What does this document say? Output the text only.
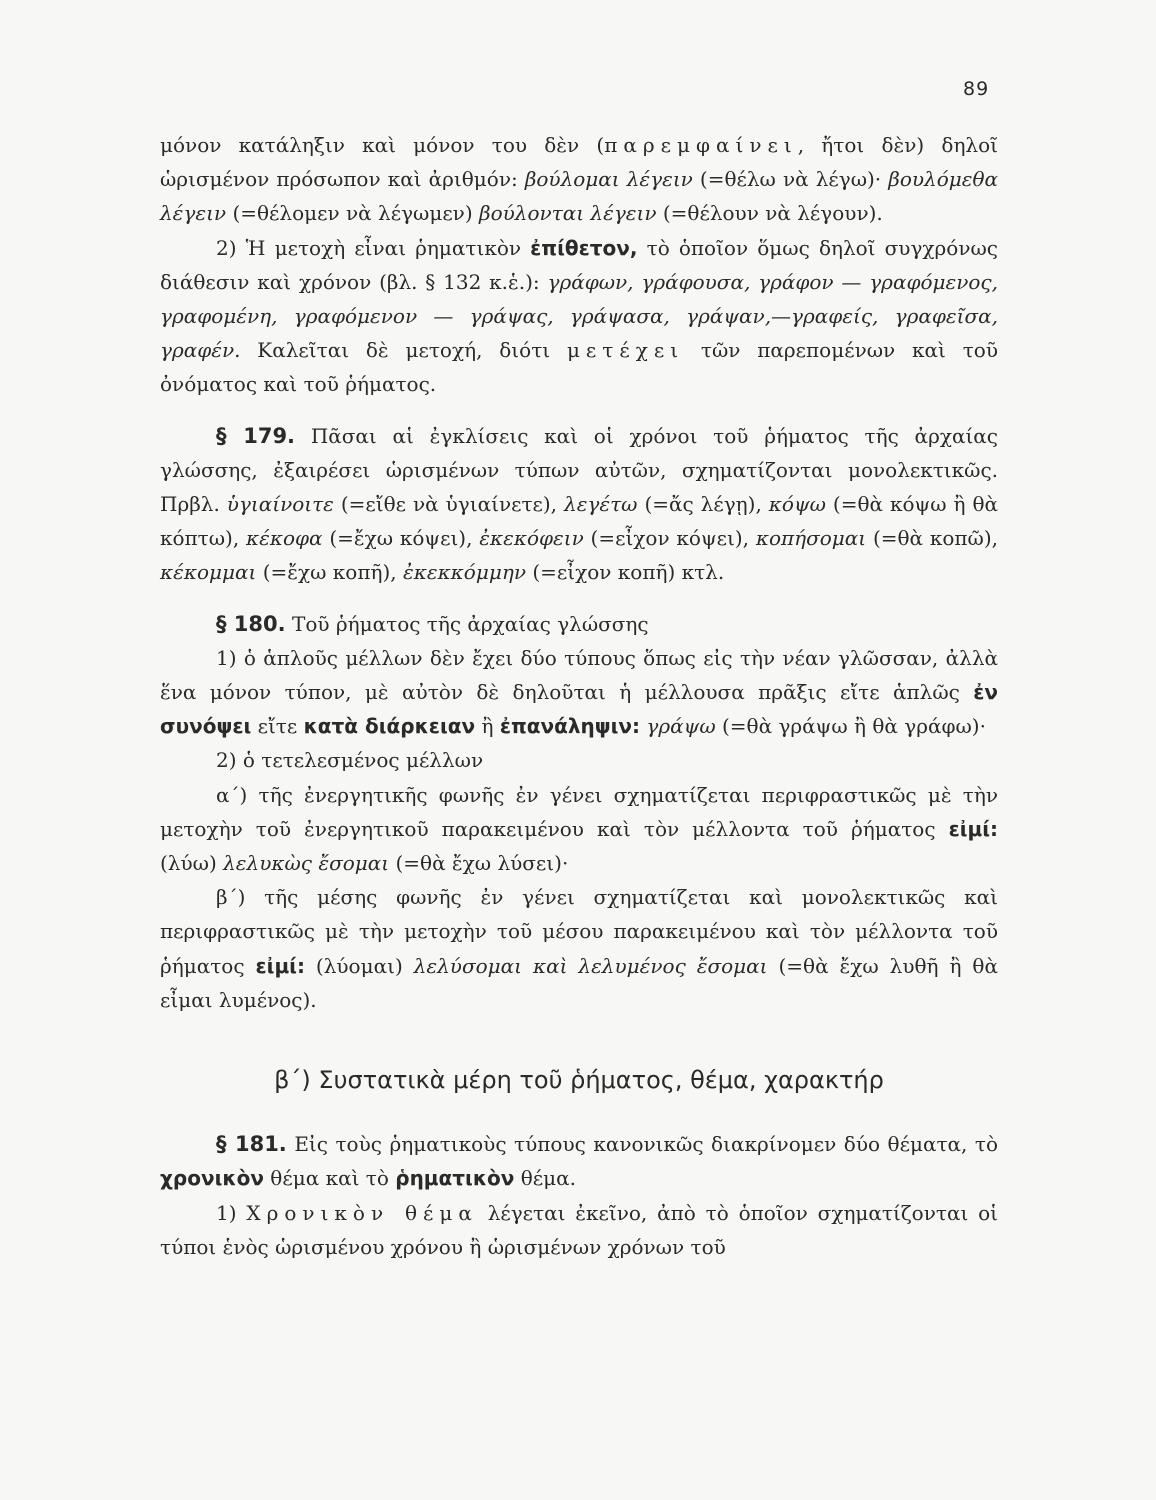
89

μόνον κατάληξιν καὶ μόνον του δὲν (παρεμφαίνει, ἤτοι δὲν) δηλοῖ ὡρισμένον πρόσωπον καὶ ἀριθμόν: βούλομαι λέγειν (=θέλω νὰ λέγω)· βουλόμεθα λέγειν (=θέλομεν νὰ λέγωμεν) βούλονται λέγειν (=θέλουν νὰ λέγουν).

2) Ἡ μετοχὴ εἶναι ῥηματικὸν ἐπίθετον, τὸ ὁποῖον ὅμως δηλοῖ συγχρόνως διάθεσιν καὶ χρόνον (βλ. § 132 κ.ἑ.): γράφων, γράφουσα, γράφον — γραφόμενος, γραφομένη, γραφόμενον — γράψας, γράψασα, γράψαν,—γραφείς, γραφεῖσα, γραφέν. Καλεῖται δὲ μετοχή, διότι μετέχει τῶν παρεπομένων καὶ τοῦ ὀνόματος καὶ τοῦ ῥήματος.

§ 179. Πᾶσαι αἱ ἐγκλίσεις καὶ οἱ χρόνοι τοῦ ῥήματος τῆς ἀρχαίας γλώσσης, ἐξαιρέσει ὡρισμένων τύπων αὐτῶν, σχηματίζονται μονολεκτικῶς. Πρβλ. ὑγιαίνοιτε (=εἴθε νὰ ὑγιαίνετε), λεγέτω (=ἄς λέγῃ), κόψω (=θὰ κόψω ἢ θὰ κόπτω), κέκοφα (=ἔχω κόψει), ἐκεκόφειν (=εἶχον κόψει), κοπήσομαι (=θὰ κοπῶ), κέκομμαι (=ἔχω κοπῆ), ἐκεκκόμμην (=εἶχον κοπῆ) κτλ.

§ 180. Τοῦ ῥήματος τῆς ἀρχαίας γλώσσης

1) ὁ ἁπλοῦς μέλλων δὲν ἔχει δύο τύπους ὅπως εἰς τὴν νέαν γλῶσσαν, ἀλλὰ ἕνα μόνον τύπον, μὲ αὐτὸν δὲ δηλοῦται ἡ μέλλουσα πρᾶξις εἴτε ἁπλῶς ἐν συνόψει εἴτε κατὰ διάρκειαν ἢ ἐπανάληψιν: γράψω (=θὰ γράψω ἢ θὰ γράφω)·

2) ὁ τετελεσμένος μέλλων

α΄) τῆς ἐνεργητικῆς φωνῆς ἐν γένει σχηματίζεται περιφραστικῶς μὲ τὴν μετοχὴν τοῦ ἐνεργητικοῦ παρακειμένου καὶ τὸν μέλλοντα τοῦ ῥήματος εἰμί: (λύω) λελυκὼς ἔσομαι (=θὰ ἔχω λύσει)·

β΄) τῆς μέσης φωνῆς ἐν γένει σχηματίζεται καὶ μονολεκτικῶς καὶ περιφραστικῶς μὲ τὴν μετοχὴν τοῦ μέσου παρακειμένου καὶ τὸν μέλλοντα τοῦ ῥήματος εἰμί: (λύομαι) λελύσομαι καὶ λελυμένος ἔσομαι (=θὰ ἔχω λυθῆ ἢ θὰ εἶμαι λυμένος).

β΄) Συστατικὰ μέρη τοῦ ῥήματος, θέμα, χαρακτήρ

§ 181. Εἰς τοὺς ῥηματικοὺς τύπους κανονικῶς διακρίνομεν δύο θέματα, τὸ χρονικὸν θέμα καὶ τὸ ῥηματικὸν θέμα.

1) Χρονικὸν θέμα λέγεται ἐκεῖνο, ἀπὸ τὸ ὁποῖον σχηματίζονται οἱ τύποι ἑνὸς ὡρισμένου χρόνου ἢ ὡρισμένων χρόνων τοῦ
